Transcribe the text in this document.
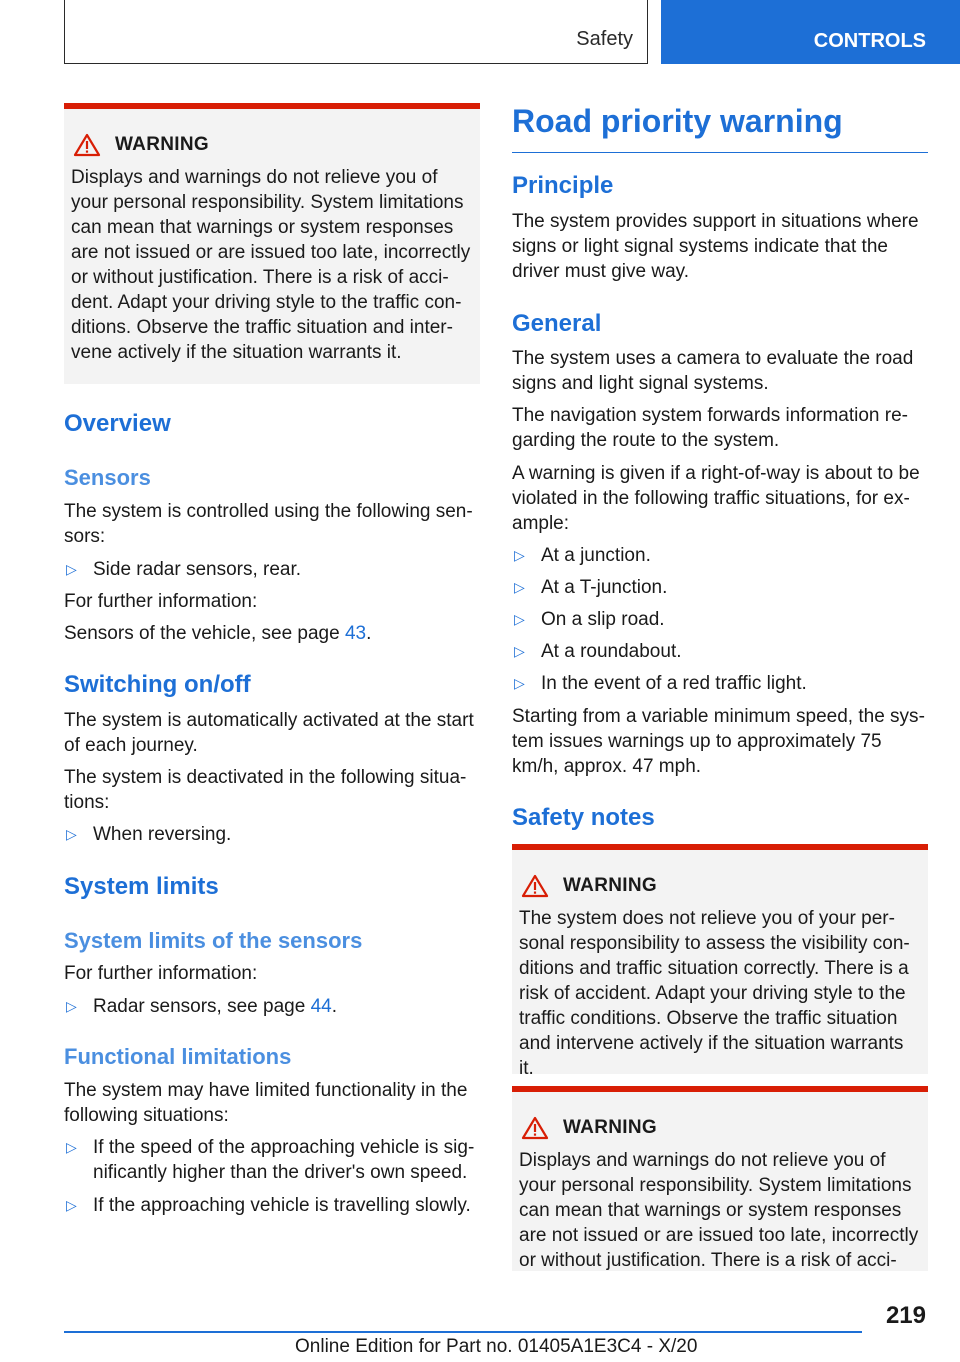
Safety	CONTROLS
WARNING
Displays and warnings do not relieve you of your personal responsibility. System limitations can mean that warnings or system responses are not issued or are issued too late, incorrectly or without justification. There is a risk of accident. Adapt your driving style to the traffic conditions. Observe the traffic situation and intervene actively if the situation warrants it.
Overview
Sensors

The system is controlled using the following sensors:

▷ Side radar sensors, rear.

For further information:

Sensors of the vehicle, see page 43.

Switching on/off

The system is automatically activated at the start of each journey.

The system is deactivated in the following situations:

▷ When reversing.
System limits
System limits of the sensors

For further information:

▷ Radar sensors, see page 44.
Functional limitations

The system may have limited functionality in the following situations:

▷ If the speed of the approaching vehicle is significantly higher than the driver's own speed.
▷ If the approaching vehicle is travelling slowly.
Road priority warning
Principle

The system provides support in situations where signs or light signal systems indicate that the driver must give way.

General

The system uses a camera to evaluate the road signs and light signal systems.

The navigation system forwards information regarding the route to the system.

A warning is given if a right-of-way is about to be violated in the following traffic situations, for example:

▷ At a junction.
▷ At a T-junction.
▷ On a slip road.
▷ At a roundabout.
▷ In the event of a red traffic light.

Starting from a variable minimum speed, the system issues warnings up to approximately 75 km/h, approx. 47 mph.

Safety notes
WARNING
The system does not relieve you of your personal responsibility to assess the visibility conditions and traffic situation correctly. There is a risk of accident. Adapt your driving style to the traffic conditions. Observe the traffic situation and intervene actively if the situation warrants it.
WARNING
Displays and warnings do not relieve you of your personal responsibility. System limitations can mean that warnings or system responses are not issued or are issued too late, incorrectly or without justification. There is a risk of acci-
219
Online Edition for Part no. 01405A1E3C4 - X/20
